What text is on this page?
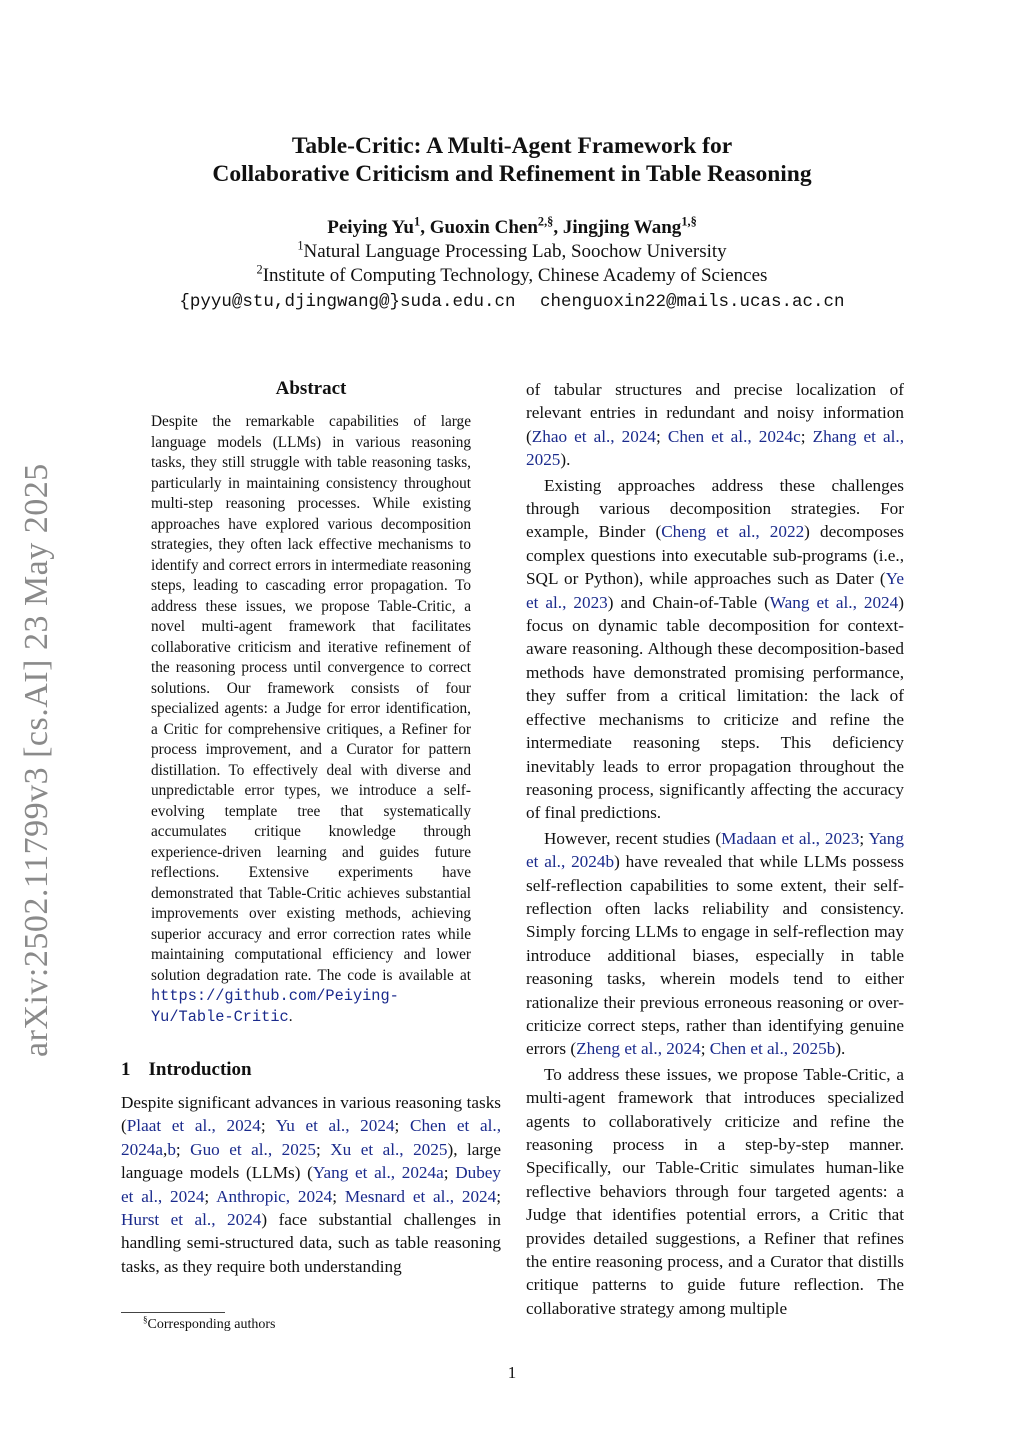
arXiv:2502.11799v3 [cs.AI] 23 May 2025
Table-Critic: A Multi-Agent Framework for
Collaborative Criticism and Refinement in Table Reasoning
Peiying Yu$^1$, Guoxin Chen$^{2,\S}$, Jingjing Wang$^{1,\S}$
$^1$Natural Language Processing Lab, Soochow University
$^2$Institute of Computing Technology, Chinese Academy of Sciences
{pyyu@stu,djingwang@}suda.edu.cn chenguoxin22@mails.ucas.ac.cn
Abstract
Despite the remarkable capabilities of large language models (LLMs) in various reasoning tasks, they still struggle with table reasoning tasks, particularly in maintaining consistency throughout multi-step reasoning processes. While existing approaches have explored various decomposition strategies, they often lack effective mechanisms to identify and correct errors in intermediate reasoning steps, leading to cascading error propagation. To address these issues, we propose Table-Critic, a novel multi-agent framework that facilitates collaborative criticism and iterative refinement of the reasoning process until convergence to correct solutions. Our framework consists of four specialized agents: a Judge for error identification, a Critic for comprehensive critiques, a Refiner for process improvement, and a Curator for pattern distillation. To effectively deal with diverse and unpredictable error types, we introduce a self-evolving template tree that systematically accumulates critique knowledge through experience-driven learning and guides future reflections. Extensive experiments have demonstrated that Table-Critic achieves substantial improvements over existing methods, achieving superior accuracy and error correction rates while maintaining computational efficiency and lower solution degradation rate. The code is available at https://github.com/Peiying-Yu/Table-Critic.
1 Introduction

Despite significant advances in various reasoning tasks (Plaat et al., 2024; Yu et al., 2024; Chen et al., 2024a,b; Guo et al., 2025; Xu et al., 2025), large language models (LLMs) (Yang et al., 2024a; Dubey et al., 2024; Anthropic, 2024; Mesnard et al., 2024; Hurst et al., 2024) face substantial challenges in handling semi-structured data, such as table reasoning tasks, as they require both understanding

§Corresponding authors

of tabular structures and precise localization of relevant entries in redundant and noisy information (Zhao et al., 2024; Chen et al., 2024c; Zhang et al., 2025).

Existing approaches address these challenges through various decomposition strategies. For example, Binder (Cheng et al., 2022) decomposes complex questions into executable sub-programs (i.e., SQL or Python), while approaches such as Dater (Ye et al., 2023) and Chain-of-Table (Wang et al., 2024) focus on dynamic table decomposition for context-aware reasoning. Although these decomposition-based methods have demonstrated promising performance, they suffer from a critical limitation: the lack of effective mechanisms to criticize and refine the intermediate reasoning steps. This deficiency inevitably leads to error propagation throughout the reasoning process, significantly affecting the accuracy of final predictions.

However, recent studies (Madaan et al., 2023; Yang et al., 2024b) have revealed that while LLMs possess self-reflection capabilities to some extent, their self-reflection often lacks reliability and consistency. Simply forcing LLMs to engage in self-reflection may introduce additional biases, especially in table reasoning tasks, wherein models tend to either rationalize their previous erroneous reasoning or over-criticize correct steps, rather than identifying genuine errors (Zheng et al., 2024; Chen et al., 2025b).

To address these issues, we propose Table-Critic, a multi-agent framework that introduces specialized agents to collaboratively criticize and refine the reasoning process in a step-by-step manner. Specifically, our Table-Critic simulates human-like reflective behaviors through four targeted agents: a Judge that identifies potential errors, a Critic that provides detailed suggestions, a Refiner that refines the entire reasoning process, and a Curator that distills critique patterns to guide future reflection. The collaborative strategy among multiple

1
